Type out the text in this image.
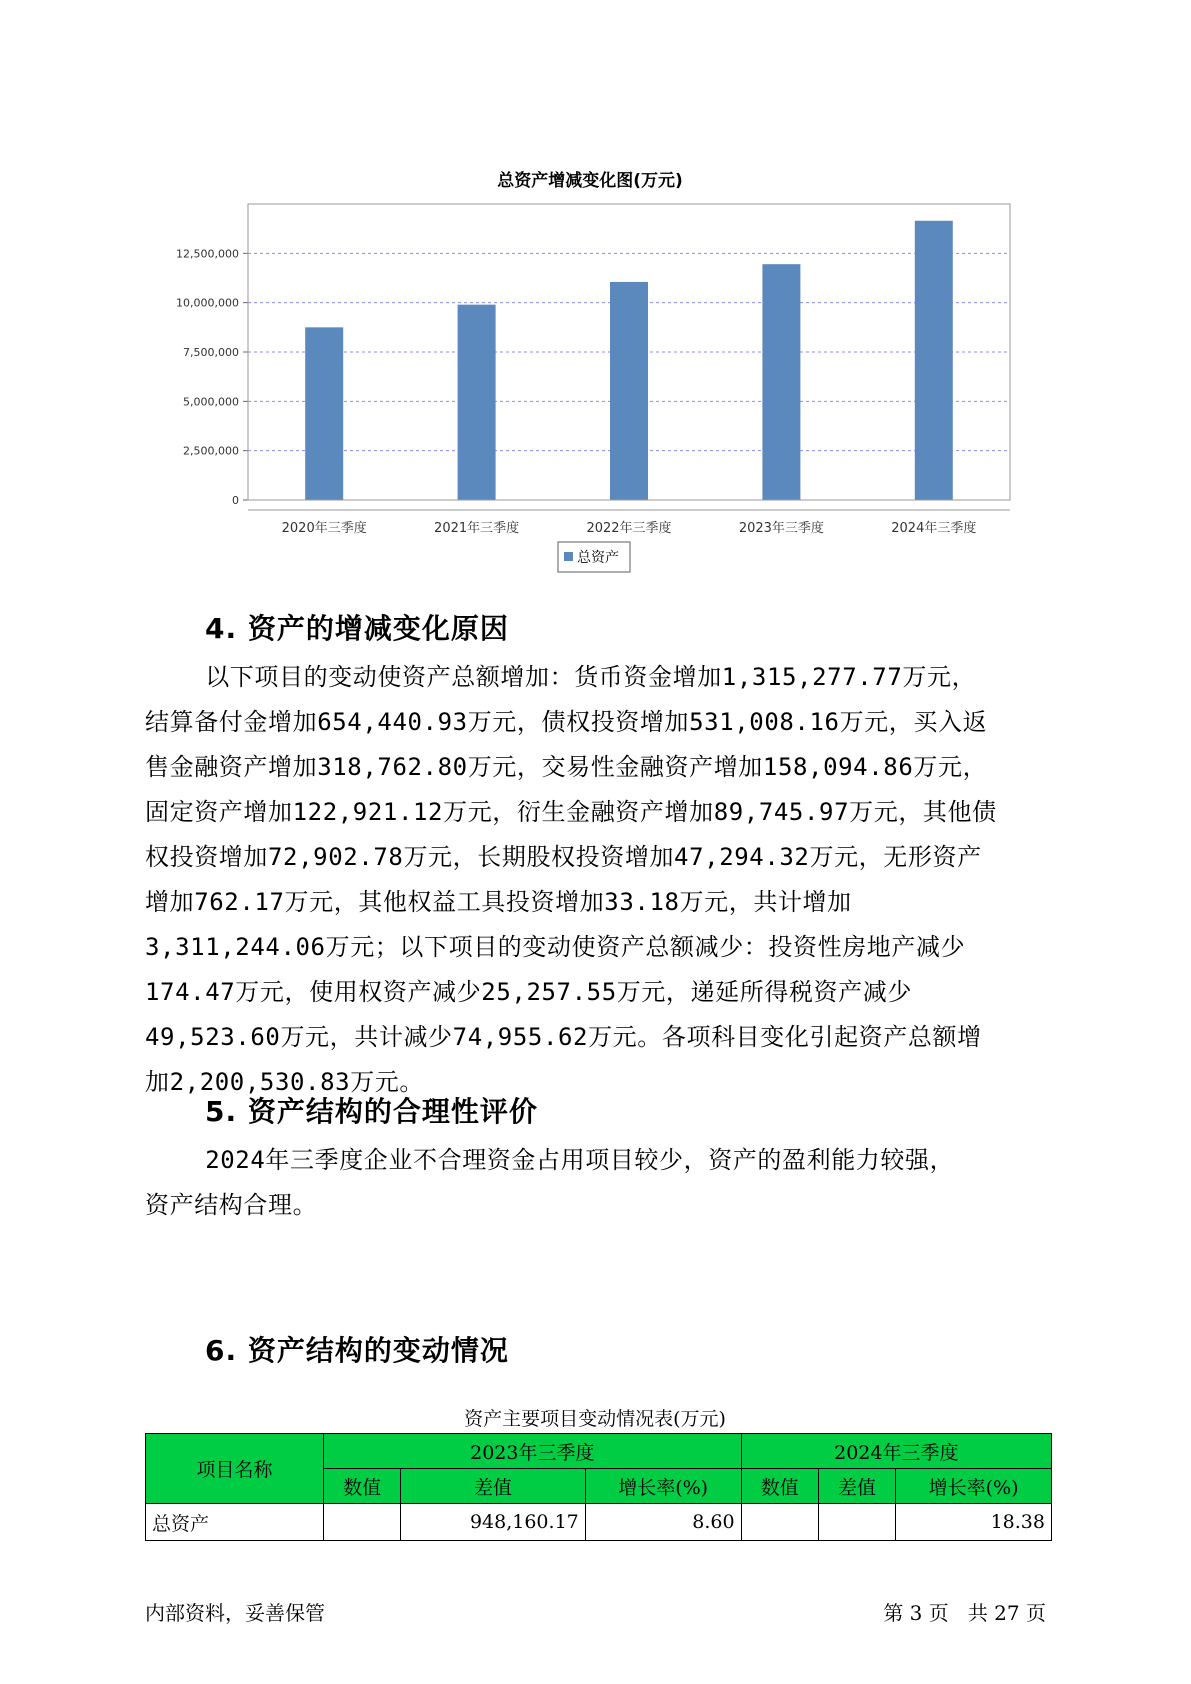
总资产增减变化图(万元)
0
2,500,000
5,000,000
7,500,000
10,000,000
12,500,000
2020年三季度	2021年三季度	2022年三季度	2023年三季度	2024年三季度
总资产
4. 资产的增减变化原因

以下项目的变动使资产总额增加：货币资金增加1,315,277.77万元，
结算备付金增加654,440.93万元，债权投资增加531,008.16万元，买入返
售金融资产增加318,762.80万元，交易性金融资产增加158,094.86万元，
固定资产增加122,921.12万元，衍生金融资产增加89,745.97万元，其他债
权投资增加72,902.78万元，长期股权投资增加47,294.32万元，无形资产
增加762.17万元，其他权益工具投资增加33.18万元，共计增加
3,311,244.06万元；以下项目的变动使资产总额减少：投资性房地产减少
174.47万元，使用权资产减少25,257.55万元，递延所得税资产减少
49,523.60万元，共计减少74,955.62万元。各项科目变化引起资产总额增
加2,200,530.83万元。

5. 资产结构的合理性评价

2024年三季度企业不合理资金占用项目较少，资产的盈利能力较强，
资产结构合理。

6. 资产结构的变动情况
资产主要项目变动情况表(万元)
项目名称	2023年三季度			2024年三季度		
	数值	差值	增长率(%)	数值	差值	增长率(%)
总资产		948,160.17	8.60			18.38
内部资料，妥善保管	第 3 页   共 27 页
